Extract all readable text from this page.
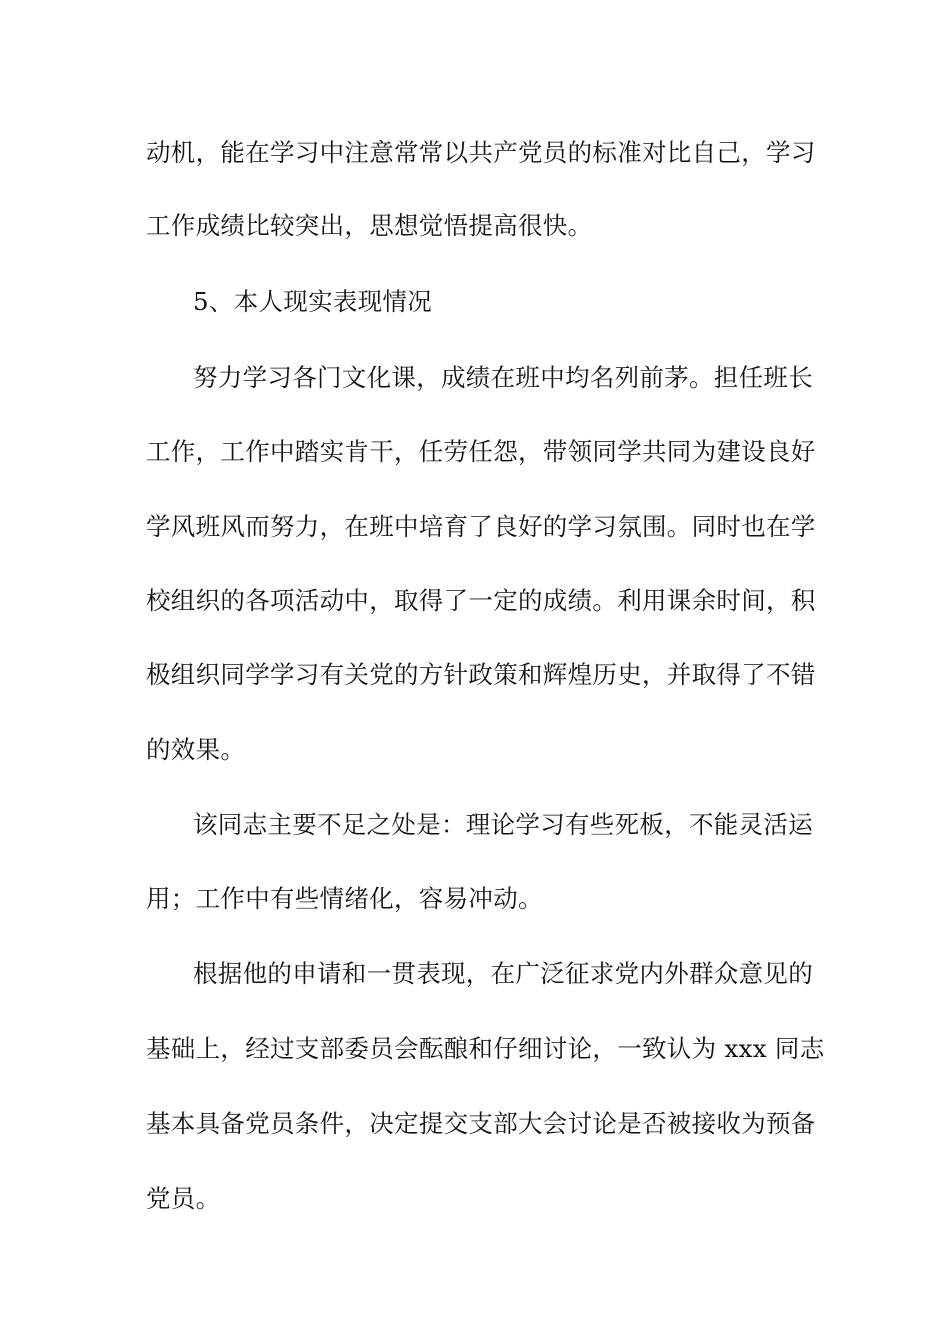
动机，能在学习中注意常常以共产党员的标准对比自己，学习
工作成绩比较突出，思想觉悟提高很快。
5、本人现实表现情况
努力学习各门文化课，成绩在班中均名列前茅。担任班长
工作，工作中踏实肯干，任劳任怨，带领同学共同为建设良好
学风班风而努力，在班中培育了良好的学习氛围。同时也在学
校组织的各项活动中，取得了一定的成绩。利用课余时间，积
极组织同学学习有关党的方针政策和辉煌历史，并取得了不错
的效果。
该同志主要不足之处是：理论学习有些死板，不能灵活运
用；工作中有些情绪化，容易冲动。
根据他的申请和一贯表现，在广泛征求党内外群众意见的
基础上，经过支部委员会酝酿和仔细讨论，一致认为 xxx 同志
基本具备党员条件，决定提交支部大会讨论是否被接收为预备
党员。
